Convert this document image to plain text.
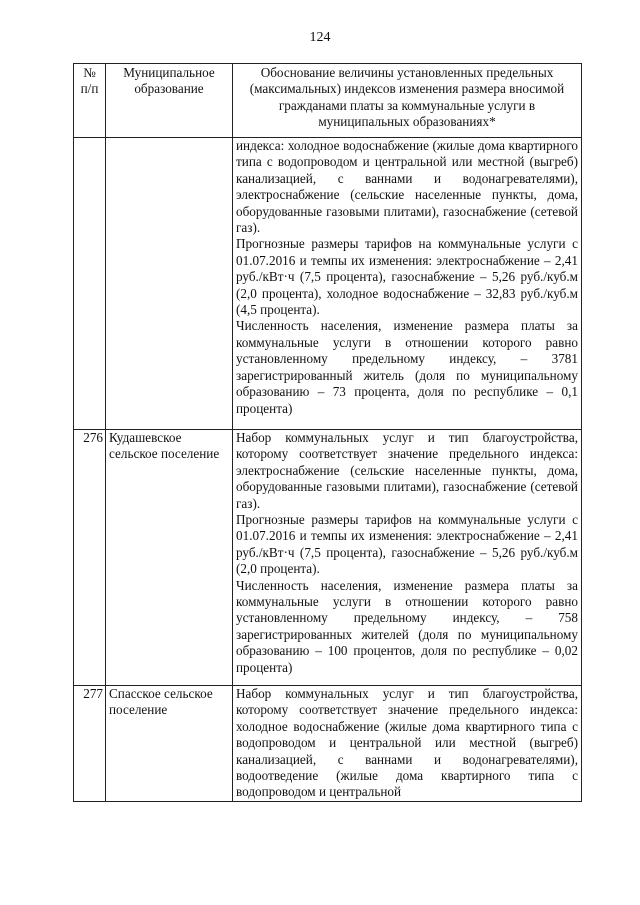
124
№ п/п	Муниципальное образование	Обоснование величины установленных предельных (максимальных) индексов изменения размера вносимой гражданами платы за коммунальные услуги в муниципальных образованиях*

		индекса: холодное водоснабжение (жилые дома квартирного типа с водопроводом и центральной или местной (выгреб) канализацией, с ваннами и водонагревателями), электроснабжение (сельские населенные пункты, дома, оборудованные газовыми плитами), газоснабжение (сетевой газ).

Прогнозные размеры тарифов на коммунальные услуги с 01.07.2016 и темпы их изменения: электроснабжение – 2,41 руб./кВт·ч (7,5 процента), газоснабжение – 5,26 руб./куб.м (2,0 процента), холодное водоснабжение – 32,83 руб./куб.м (4,5 процента).

Численность населения, изменение размера платы за коммунальные услуги в отношении которого равно установленному предельному индексу, – 3781 зарегистрированный житель (доля по муниципальному образованию – 73 процента, доля по республике – 0,1 процента)

276	Кудашевское сельское поселение	Набор коммунальных услуг и тип благоустройства, которому соответствует значение предельного индекса: электроснабжение (сельские населенные пункты, дома, оборудованные газовыми плитами), газоснабжение (сетевой газ).

Прогнозные размеры тарифов на коммунальные услуги с 01.07.2016 и темпы их изменения: электроснабжение – 2,41 руб./кВт·ч (7,5 процента), газоснабжение – 5,26 руб./куб.м (2,0 процента).

Численность населения, изменение размера платы за коммунальные услуги в отношении которого равно установленному предельному индексу, – 758 зарегистрированных жителей (доля по муниципальному образованию – 100 процентов, доля по республике – 0,02 процента)

277	Спасское сельское поселение	Набор коммунальных услуг и тип благоустройства, которому соответствует значение предельного индекса: холодное водоснабжение (жилые дома квартирного типа с водопроводом и центральной или местной (выгреб) канализацией, с ваннами и водонагревателями), водоотведение (жилые дома квартирного типа с водопроводом и центральной
